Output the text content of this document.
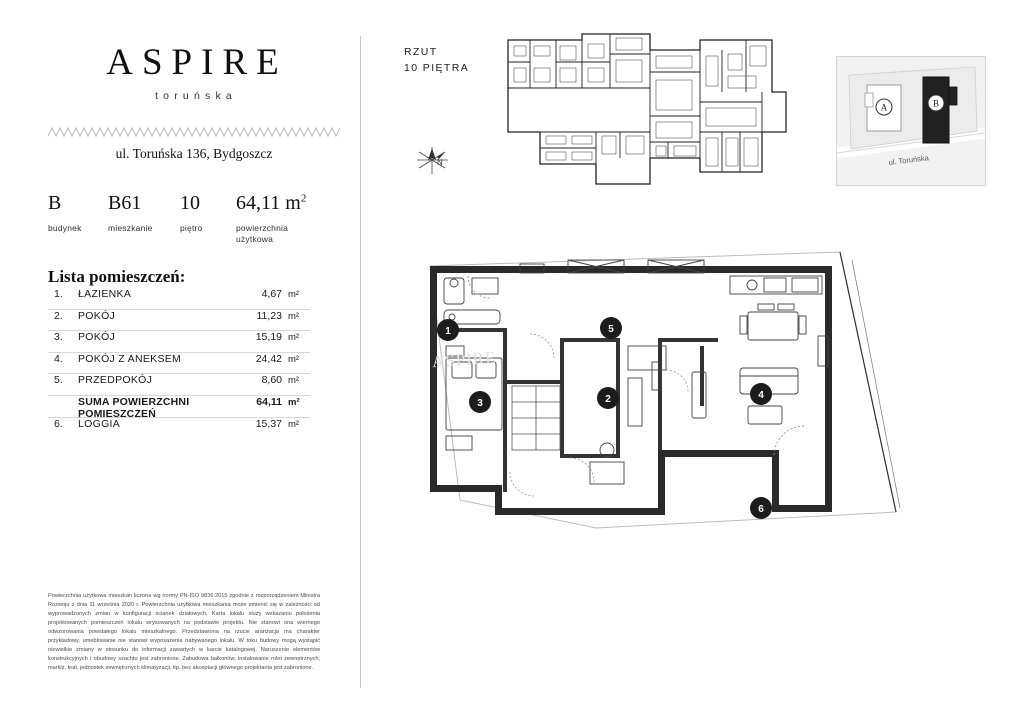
ASPIRE
toruńska
ul. Toruńska 136, Bydgoszcz
B
budynek
B61
mieszkanie
10
piętro
64,11 $m^2$
powierzchnia
użytkowa
Lista pomieszczeń:
1.	ŁAZIENKA	4,67 m²
2.	POKÓJ	11,23 m²
3.	POKÓJ	15,19 m²
4.	POKÓJ Z ANEKSEM	24,42 m²
5.	PRZEDPOKÓJ	8,60 m²
SUMA POWIERZCHNI POMIESZCZEŃ
64,11 m²
6.	LOGGIA	15,37 m²
Powierzchnia użytkowa mieszkan liczona wg normy PN-ISO 9836:2015 zgodnie z rozporządzeniem Ministra Rozwoju z dnia 11 września 2020 r. Powierzchnia użytkowa mieszkania może zmienić się w zależności od wyprowadzonych zmian w konfiguracji ścianek działowych. Karta lokalu służy wskazaniu położenia projektowanych pomieszczeń lokalu wrysowanych na podstawie projektu. Nie stanowi ona wiernego odwzorowania powstałego lokalu mieszkalnego. Przedstawiona na rzucie aranżacja ma charakter przykładowy, umeblowanie nie stanowi wyposażenia nabywanego lokalu. W toku budowy mogą wystąpić niewielkie zmiany w stosunku do informacji zawartych w karcie katalogowej. Naruszenie elementów konstrukcyjnych i obudowy szachtu jest zabronione. Zabudowa balkonów, instalowanie rolet zewnętrznych, markiz, krat, jednostek zewnętrznych klimatyzacji, itp. bez akceptacji głównego projektanta jest zabronione.
RZUT
10 PIĘTRA
N
A	B
ul. Toruńska
1	5
3	2	4
6
ASPIRE
